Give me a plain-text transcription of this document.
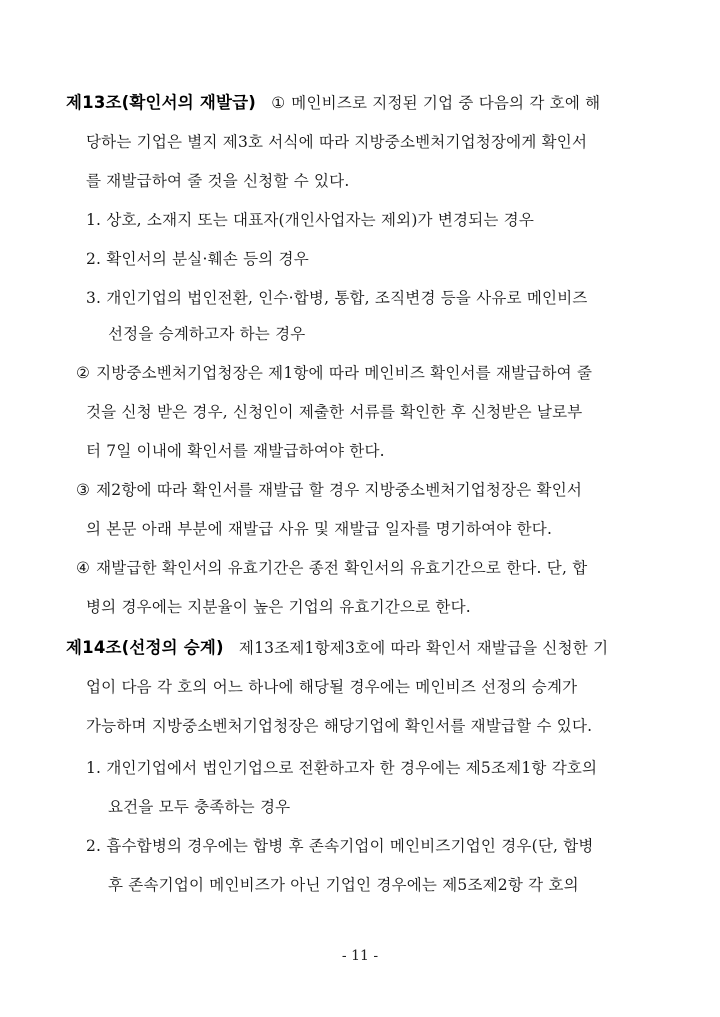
제13조(확인서의 재발급) ① 메인비즈로 지정된 기업 중 다음의 각 호에 해
당하는 기업은 별지 제3호 서식에 따라 지방중소벤처기업청장에게 확인서
를 재발급하여 줄 것을 신청할 수 있다.
1. 상호, 소재지 또는 대표자(개인사업자는 제외)가 변경되는 경우
2. 확인서의 분실·훼손 등의 경우
3. 개인기업의 법인전환, 인수·합병, 통합, 조직변경 등을 사유로 메인비즈
선정을 승계하고자 하는 경우
② 지방중소벤처기업청장은 제1항에 따라 메인비즈 확인서를 재발급하여 줄
것을 신청 받은 경우, 신청인이 제출한 서류를 확인한 후 신청받은 날로부
터 7일 이내에 확인서를 재발급하여야 한다.
③ 제2항에 따라 확인서를 재발급 할 경우 지방중소벤처기업청장은 확인서
의 본문 아래 부분에 재발급 사유 및 재발급 일자를 명기하여야 한다.
④ 재발급한 확인서의 유효기간은 종전 확인서의 유효기간으로 한다. 단, 합
병의 경우에는 지분율이 높은 기업의 유효기간으로 한다.
제14조(선정의 승계) 제13조제1항제3호에 따라 확인서 재발급을 신청한 기
업이 다음 각 호의 어느 하나에 해당될 경우에는 메인비즈 선정의 승계가
가능하며 지방중소벤처기업청장은 해당기업에 확인서를 재발급할 수 있다.
1. 개인기업에서 법인기업으로 전환하고자 한 경우에는 제5조제1항 각호의
요건을 모두 충족하는 경우
2. 흡수합병의 경우에는 합병 후 존속기업이 메인비즈기업인 경우(단, 합병
후 존속기업이 메인비즈가 아닌 기업인 경우에는 제5조제2항 각 호의
- 11 -
